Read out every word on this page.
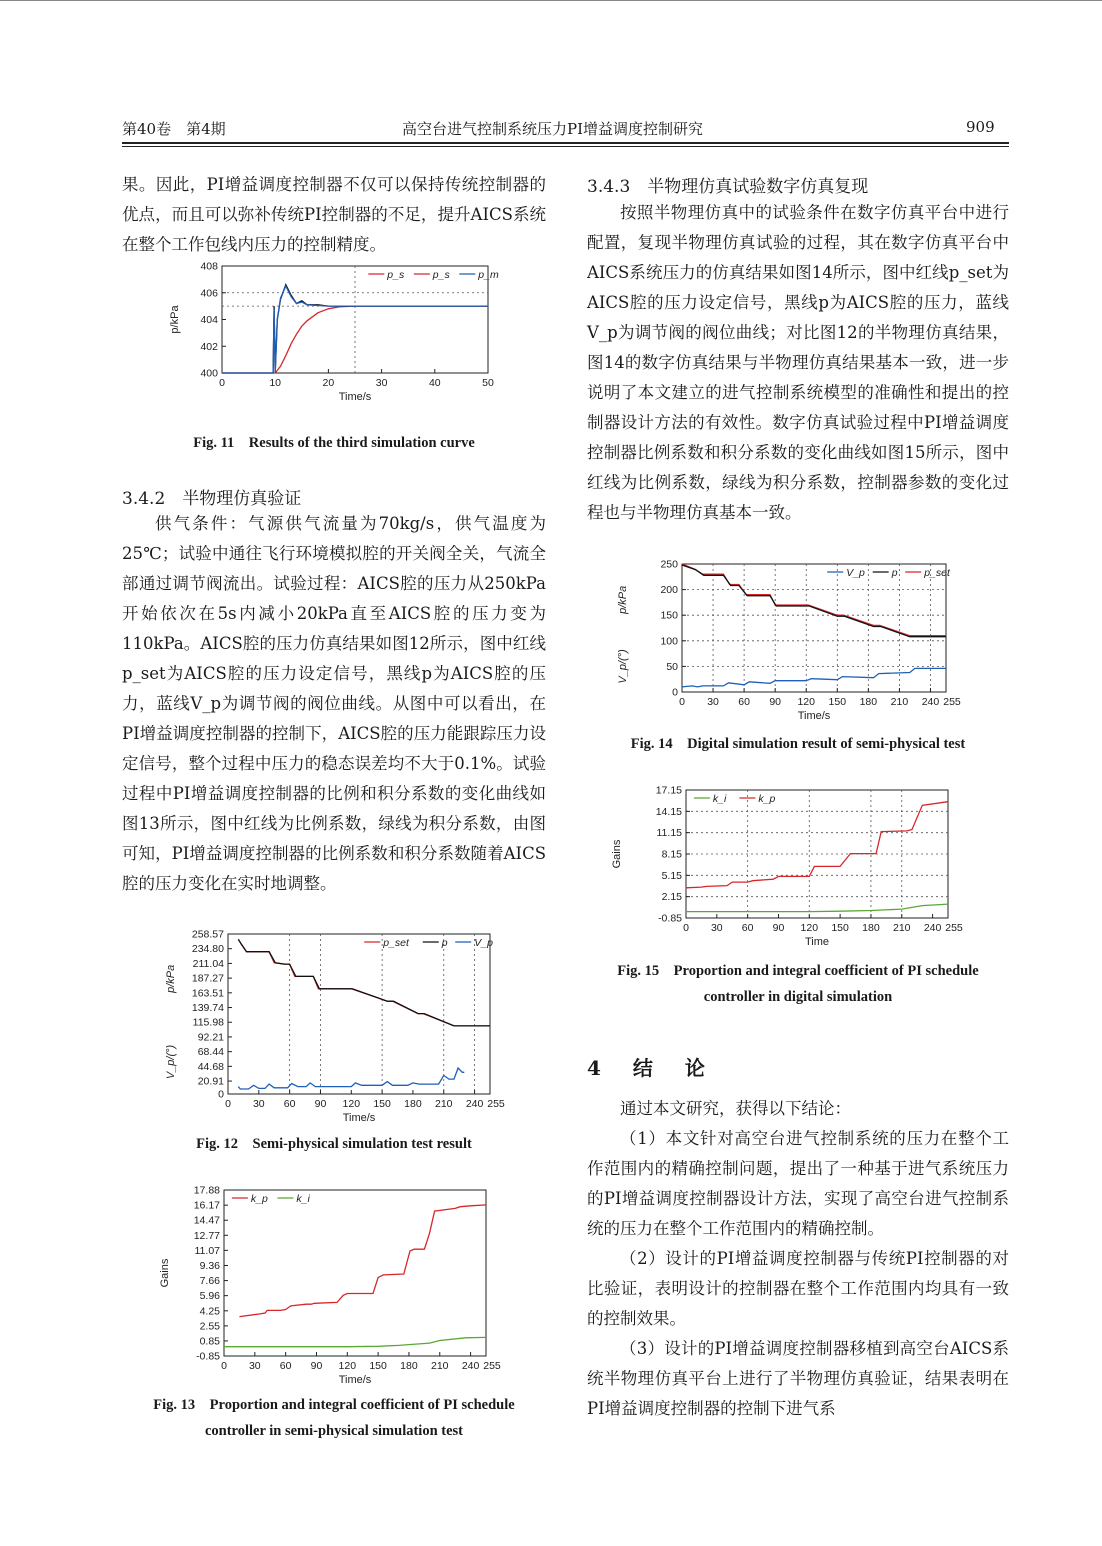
第40卷　第4期	高空台进气控制系统压力PI增益调度控制研究	909

果。因此，PI增益调度控制器不仅可以保持传统控制器的优点，而且可以弥补传统PI控制器的不足，提升AICS系统在整个工作包线内压力的控制精度。

0	10	20	30	40	50
400
402
404
406
408
Time/s
p/kPa
p_s	p_s	p_m
Fig. 11　Results of the third simulation curve
3.4.2　半物理仿真验证

供气条件：气源供气流量为70kg/s，供气温度为25℃；试验中通往飞行环境模拟腔的开关阀全关，气流全部通过调节阀流出。试验过程：AICS腔的压力从250kPa开始依次在5s内减小20kPa直至AICS腔的压力变为110kPa。AICS腔的压力仿真结果如图12所示，图中红线p_set为AICS腔的压力设定信号，黑线p为AICS腔的压力，蓝线V_p为调节阀的阀位曲线。从图中可以看出，在PI增益调度控制器的控制下，AICS腔的压力能跟踪压力设定信号，整个过程中压力的稳态误差均不大于0.1%。试验过程中PI增益调度控制器的比例和积分系数的变化曲线如图13所示，图中红线为比例系数，绿线为积分系数，由图可知，PI增益调度控制器的比例系数和积分系数随着AICS腔的压力变化在实时地调整。

0 30 60 90 120 150 180 210 240 255
0
20.91
44.68
68.44
92.21
115.98
139.74
163.51
187.27
211.04
234.80
258.57
Time/s
p/kPa
V_p/(°)
p_set	p	V_p
Fig. 12　Semi-physical simulation test result
0 30 60 90 120 150 180 210 240 255
-0.85
0.85
2.55
4.25
5.96
7.66
9.36
11.07
12.77
14.47
16.17
17.88
Time/s
Gains
k_p	k_i
Fig. 13　Proportion and integral coefficient of PI schedule
controller in semi-physical simulation test
3.4.3　半物理仿真试验数字仿真复现

按照半物理仿真中的试验条件在数字仿真平台中进行配置，复现半物理仿真试验的过程，其在数字仿真平台中AICS系统压力的仿真结果如图14所示，图中红线p_set为AICS腔的压力设定信号，黑线p为AICS腔的压力，蓝线V_p为调节阀的阀位曲线；对比图12的半物理仿真结果，图14的数字仿真结果与半物理仿真结果基本一致，进一步说明了本文建立的进气控制系统模型的准确性和提出的控制器设计方法的有效性。数字仿真试验过程中PI增益调度控制器比例系数和积分系数的变化曲线如图15所示，图中红线为比例系数，绿线为积分系数，控制器参数的变化过程也与半物理仿真基本一致。

0 30 60 90 120 150 180 210 240 255
0
50
100
150
200
250
Time/s
p/kPa
V_p/(°)
V_p	p	p_set
Fig. 14　Digital simulation result of semi-physical test
0 30 60 90 120 150 180 210 240 255
-0.85
2.15
5.15
8.15
11.15
14.15
17.15
Time
Gains
k_i	k_p
Fig. 15　Proportion and integral coefficient of PI schedule
controller in digital simulation
4　结　论

通过本文研究，获得以下结论：

（1）本文针对高空台进气控制系统的压力在整个工作范围内的精确控制问题，提出了一种基于进气系统压力的PI增益调度控制器设计方法，实现了高空台进气控制系统的压力在整个工作范围内的精确控制。

（2）设计的PI增益调度控制器与传统PI控制器的对比验证，表明设计的控制器在整个工作范围内均具有一致的控制效果。

（3）设计的PI增益调度控制器移植到高空台AICS系统半物理仿真平台上进行了半物理仿真验证，结果表明在PI增益调度控制器的控制下进气系
